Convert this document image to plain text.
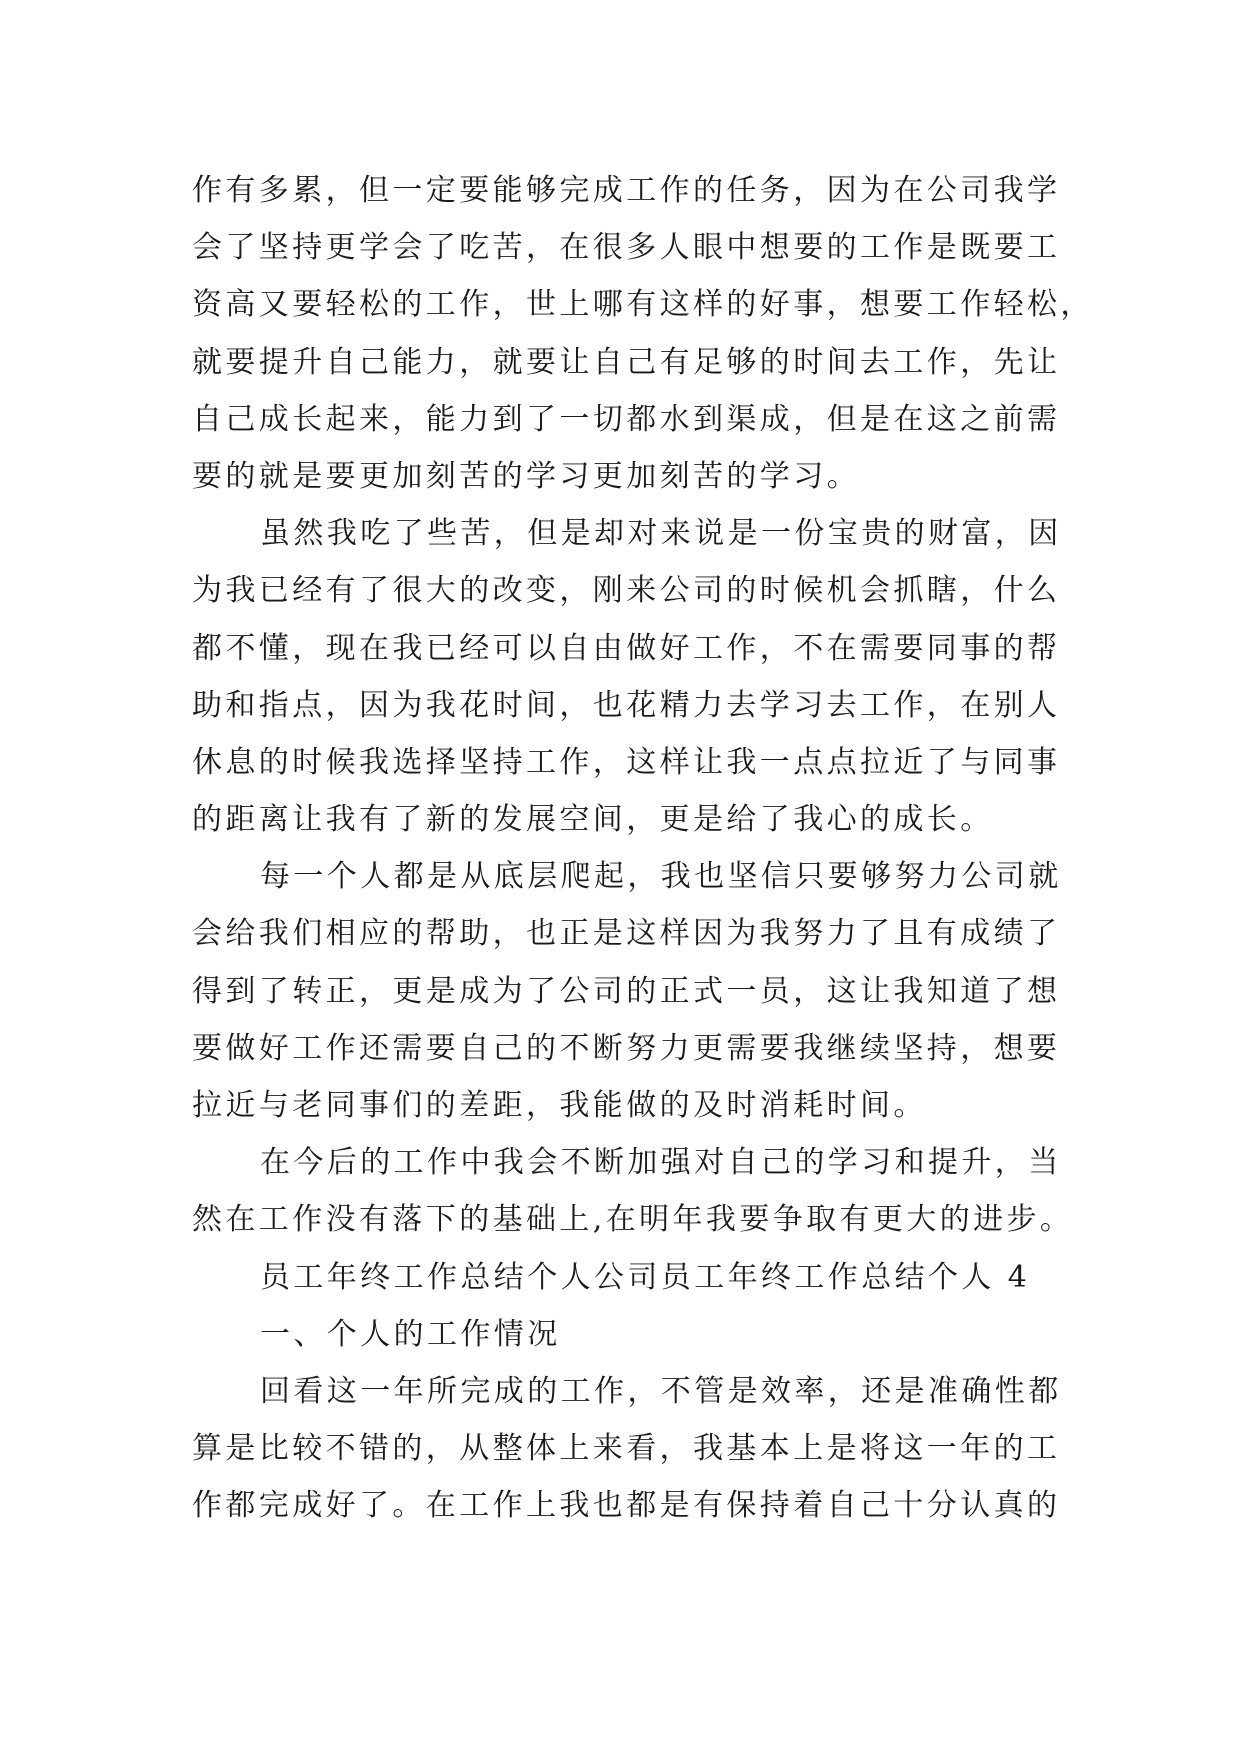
作有多累，但一定要能够完成工作的任务，因为在公司我学
会了坚持更学会了吃苦，在很多人眼中想要的工作是既要工
资高又要轻松的工作，世上哪有这样的好事，想要工作轻松，
就要提升自己能力，就要让自己有足够的时间去工作，先让
自己成长起来，能力到了一切都水到渠成，但是在这之前需
要的就是要更加刻苦的学习更加刻苦的学习。
虽然我吃了些苦，但是却对来说是一份宝贵的财富，因
为我已经有了很大的改变，刚来公司的时候机会抓瞎，什么
都不懂，现在我已经可以自由做好工作，不在需要同事的帮
助和指点，因为我花时间，也花精力去学习去工作，在别人
休息的时候我选择坚持工作，这样让我一点点拉近了与同事
的距离让我有了新的发展空间，更是给了我心的成长。
每一个人都是从底层爬起，我也坚信只要够努力公司就
会给我们相应的帮助，也正是这样因为我努力了且有成绩了
得到了转正，更是成为了公司的正式一员，这让我知道了想
要做好工作还需要自己的不断努力更需要我继续坚持，想要
拉近与老同事们的差距，我能做的及时消耗时间。
在今后的工作中我会不断加强对自己的学习和提升，当
然在工作没有落下的基础上,在明年我要争取有更大的进步。
员工年终工作总结个人公司员工年终工作总结个人 4
一、个人的工作情况
回看这一年所完成的工作，不管是效率，还是准确性都
算是比较不错的，从整体上来看，我基本上是将这一年的工
作都完成好了。在工作上我也都是有保持着自己十分认真的
